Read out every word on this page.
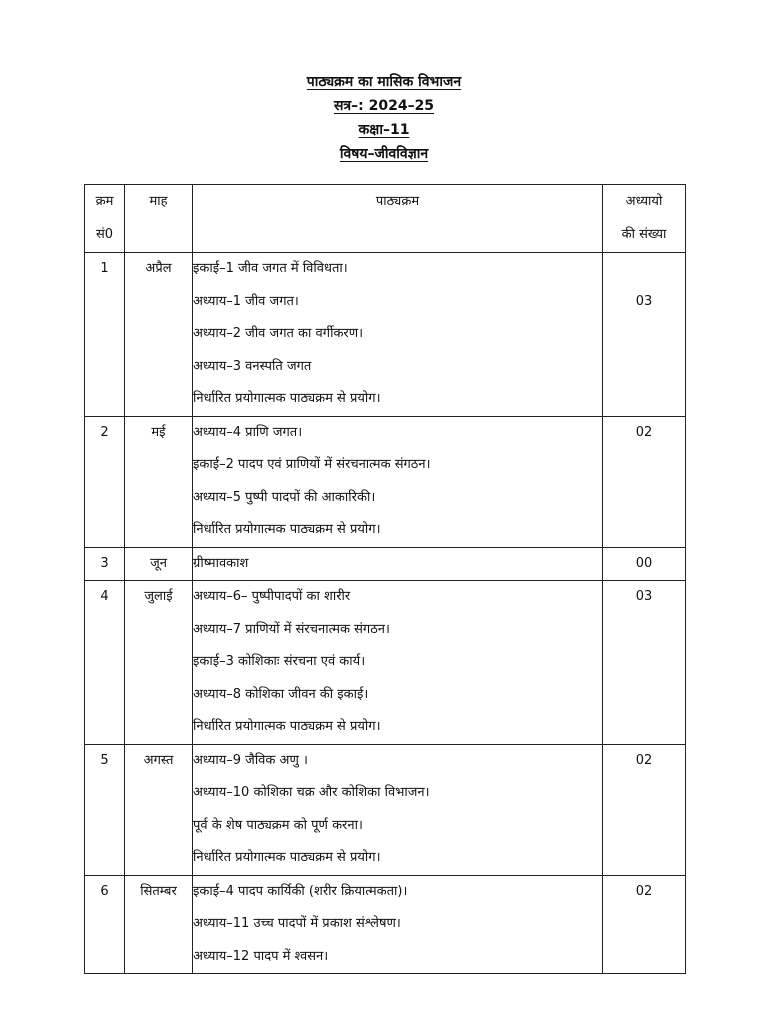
पाठ्यक्रम का मासिक विभाजन
सत्र–: 2024–25
कक्षा–11
विषय–जीवविज्ञान
क्रम
सं0	माह	पाठ्यक्रम	अध्यायो
की संख्या

1	अप्रैल	इकाई–1 जीव जगत में विविधता।
अध्याय–1 जीव जगत।
अध्याय–2 जीव जगत का वर्गीकरण।
अध्याय–3 वनस्पति जगत
निर्धारित प्रयोगात्मक पाठ्यक्रम से प्रयोग।	03

2	मई	अध्याय–4 प्राणि जगत।
इकाई–2 पादप एवं प्राणियों में संरचनात्मक संगठन।
अध्याय–5 पुष्पी पादपों की आकारिकी।
निर्धारित प्रयोगात्मक पाठ्यक्रम से प्रयोग।	02

3	जून	ग्रीष्मावकाश	00

4	जुलाई	अध्याय–6– पुष्पीपादपों का शारीर
अध्याय–7 प्राणियों में संरचनात्मक संगठन।
इकाई–3 कोशिकाः संरचना एवं कार्य।
अध्याय–8 कोशिका जीवन की इकाई।
निर्धारित प्रयोगात्मक पाठ्यक्रम से प्रयोग।	03

5	अगस्त	अध्याय–9 जैविक अणु ।
अध्याय–10 कोशिका चक्र और कोशिका विभाजन।
पूर्व के शेष पाठ्यक्रम को पूर्ण करना।
निर्धारित प्रयोगात्मक पाठ्यक्रम से प्रयोग।	02

6	सितम्बर	इकाई–4 पादप कार्यिकी (शरीर क्रियात्मकता)।
अध्याय–11 उच्च पादपों में प्रकाश संश्लेषण।
अध्याय–12 पादप में श्वसन।	02
